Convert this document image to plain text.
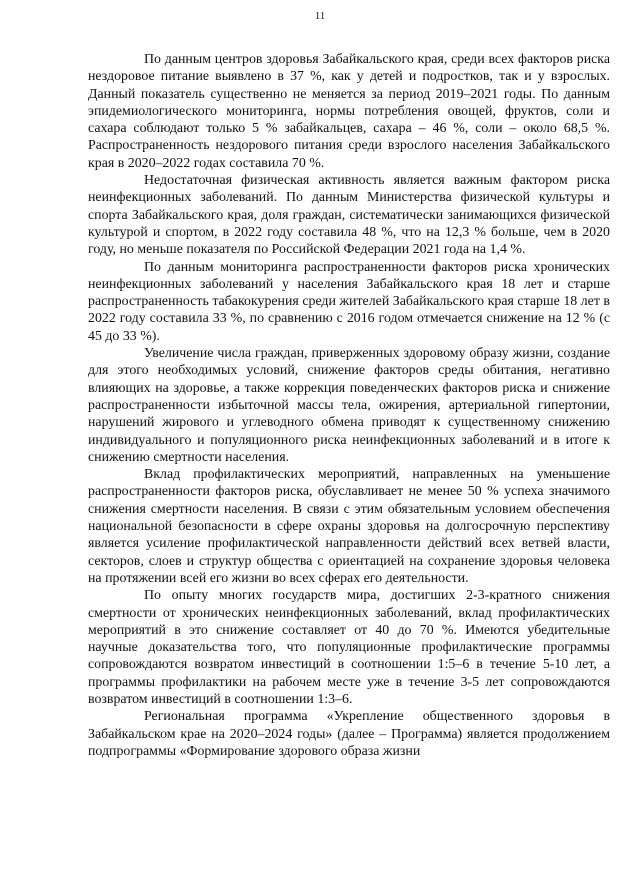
11

По данным центров здоровья Забайкальского края, среди всех факторов риска нездоровое питание выявлено в 37 %, как у детей и подростков, так и у взрослых. Данный показатель существенно не меняется за период 2019–2021 годы. По данным эпидемиологического мониторинга, нормы потребления овощей, фруктов, соли и сахара соблюдают только 5 % забайкальцев, сахара – 46 %, соли – около 68,5 %. Распространенность нездорового питания среди взрослого населения Забайкальского края в 2020–2022 годах составила 70 %.

Недостаточная физическая активность является важным фактором риска неинфекционных заболеваний. По данным Министерства физической культуры и спорта Забайкальского края, доля граждан, систематически занимающихся физической культурой и спортом, в 2022 году составила 48 %, что на 12,3 % больше, чем в 2020 году, но меньше показателя по Российской Федерации 2021 года на 1,4 %.

По данным мониторинга распространенности факторов риска хронических неинфекционных заболеваний у населения Забайкальского края 18 лет и старше распространенность табакокурения среди жителей Забайкальского края старше 18 лет в 2022 году составила 33 %, по сравнению с 2016 годом отмечается снижение на 12 % (с 45 до 33 %).

Увеличение числа граждан, приверженных здоровому образу жизни, создание для этого необходимых условий, снижение факторов среды обитания, негативно влияющих на здоровье, а также коррекция поведенческих факторов риска и снижение распространенности избыточной массы тела, ожирения, артериальной гипертонии, нарушений жирового и углеводного обмена приводят к существенному снижению индивидуального и популяционного риска неинфекционных заболеваний и в итоге к снижению смертности населения.

Вклад профилактических мероприятий, направленных на уменьшение распространенности факторов риска, обуславливает не менее 50 % успеха значимого снижения смертности населения. В связи с этим обязательным условием обеспечения национальной безопасности в сфере охраны здоровья на долгосрочную перспективу является усиление профилактической направленности действий всех ветвей власти, секторов, слоев и структур общества с ориентацией на сохранение здоровья человека на протяжении всей его жизни во всех сферах его деятельности.

По опыту многих государств мира, достигших 2-3-кратного снижения смертности от хронических неинфекционных заболеваний, вклад профилактических мероприятий в это снижение составляет от 40 до 70 %. Имеются убедительные научные доказательства того, что популяционные профилактические программы сопровождаются возвратом инвестиций в соотношении 1:5–6 в течение 5-10 лет, а программы профилактики на рабочем месте уже в течение 3-5 лет сопровождаются возвратом инвестиций в соотношении 1:3–6.

Региональная программа «Укрепление общественного здоровья в Забайкальском крае на 2020–2024 годы» (далее – Программа) является продолжением подпрограммы «Формирование здорового образа жизни
